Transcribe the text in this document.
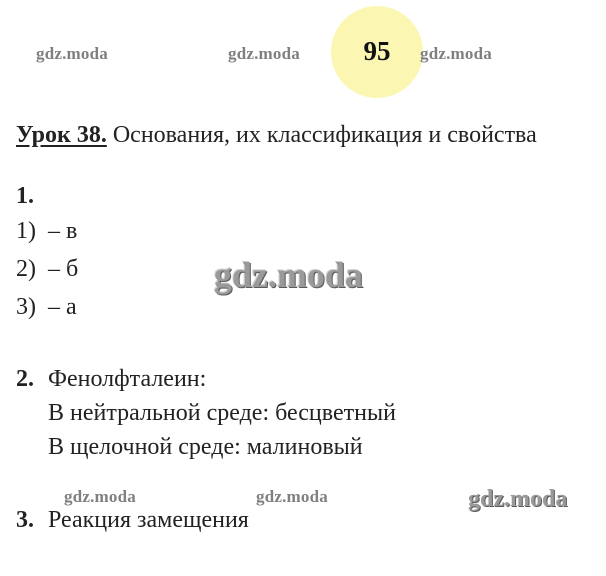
95
gdz.moda	gdz.moda	gdz.moda
Урок 38. Основания, их классификация и свойства
1.
1) – в
2) – б
3) – а
gdz.moda
2. Фенолфталеин:
В нейтральной среде: бесцветный
В щелочной среде: малиновый
gdz.moda	gdz.moda	gdz.moda
3. Реакция замещения
